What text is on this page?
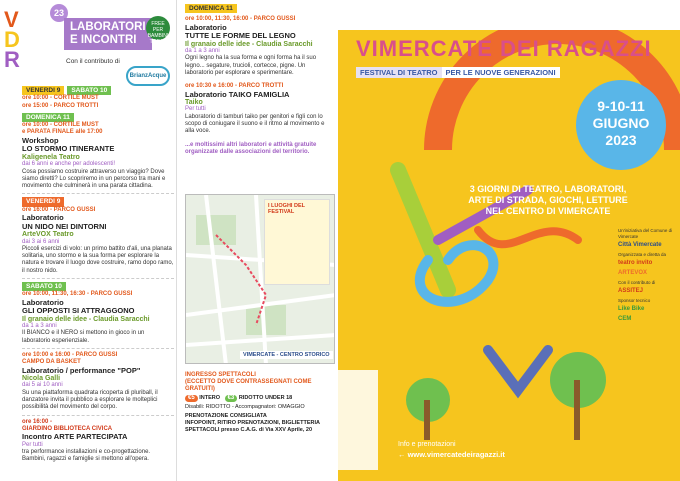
V
D
R
23
LABORATORI
E INCONTRI
FREE PER BAMBINI TODAY
Con il contributo di
BrianzAcque
VENERDI 9 SABATO 10
ore 10:00 - CORTILE MUST
ore 15:00 - PARCO TROTTI
DOMENICA 11
ore 10:00 - CORTILE MUST
e PARATA FINALE alle 17:00
Workshop
LO STORMO ITINERANTE
Kaligenela Teatro
dai 6 anni e anche per adolescenti!
Cosa possiamo costruire attraverso un viaggio? Dove siamo diretti? Lo scopriremo in un percorso tra mani e movimento che culminerà in una parata cittadina.
VENERDI 9
ore 16:00 - PARCO GUSSI
Laboratorio
UN NIDO NEI DINTORNI
ArteVOX Teatro
dai 3 ai 6 anni
Piccoli esercizi di volo: un primo battito d'ali, una planata solitaria, uno stormo e la sua forma per esplorare la natura e trovare il luogo dove costruire, ramo dopo ramo, il nostro nido.
SABATO 10
ore 10:00, 11:30, 16:30 - PARCO GUSSI
Laboratorio
GLI OPPOSTI SI ATTRAGGONO
Il granaio delle idee - Claudia Saracchi
da 1 a 3 anni
Il BIANCO e il NERO si mettono in gioco in un laboratorio esperienziale.
ore 10:00 e 16:00 - PARCO GUSSI
CAMPO DA BASKET
Laboratorio / performance "POP"
Nicola Galli
dai 5 ai 10 anni
Su una piattaforma quadrata ricoperta di pluriball, il danzatore invita il pubblico a esplorare le molteplici possibilità del movimento del corpo.
ore 16:00 -
GIARDINO BIBLIOTECA CIVICA
Incontro ARTE PARTECIPATA
Per tutti
tra performance installazioni e co-progettazione. Bambini, ragazzi e famiglie si mettono all'opera.
DOMENICA 11
ore 10:00, 11:30, 16:00 - PARCO GUSSI
Laboratorio
TUTTE LE FORME DEL LEGNO
Il granaio delle idee - Claudia Saracchi
da 1 a 3 anni
Ogni legno ha la sua forma e ogni forma ha il suo legno... segature, trucioli, cortecce, pigne. Un laboratorio per esplorare e sperimentare.
ore 10:30 e 16:00 - PARCO TROTTI
Laboratorio TAIKO FAMIGLIA
Taiko
Per tutti
Laboratorio di tamburi taiko per genitori e figli con lo scopo di coniugare il suono e il ritmo al movimento e alla voce.
...e moltissimi altri laboratori e attività gratuite organizzate dalle associazioni del territorio.
I LUOGHI DEL FESTIVAL
VIMERCATE - CENTRO STORICO
INGRESSO SPETTACOLI
(ECCETTO DOVE CONTRASSEGNATI COME GRATUITI)
€5 INTERO €3 RIDOTTO UNDER 18
Disabili: RIDOTTO - Accompagnatori: OMAGGIO
PRENOTAZIONE CONSIGLIATA
INFOPOINT, RITIRO PRENOTAZIONI, BIGLIETTERIA SPETTACOLI presso C.A.G. di Via XXV Aprile, 20
VIMERCATE DEI RAGAZZI
FESTIVAL DI TEATRO PER LE NUOVE GENERAZIONI
9-10-11
GIUGNO
2023
3 GIORNI DI TEATRO, LABORATORI, ARTE DI STRADA, GIOCHI, LETTURE NEL CENTRO DI VIMERCATE
Un'iniziativa del Comune di Vimercate
Città Vimercate
Organizzata e diretta da
teatro invito
ARTEVOX
Con il contributo di
ASSITEJ
Sponsor tecnico
Like Bike
CEM
Info e prenotazioni
← www.vimercatedeiragazzi.it
